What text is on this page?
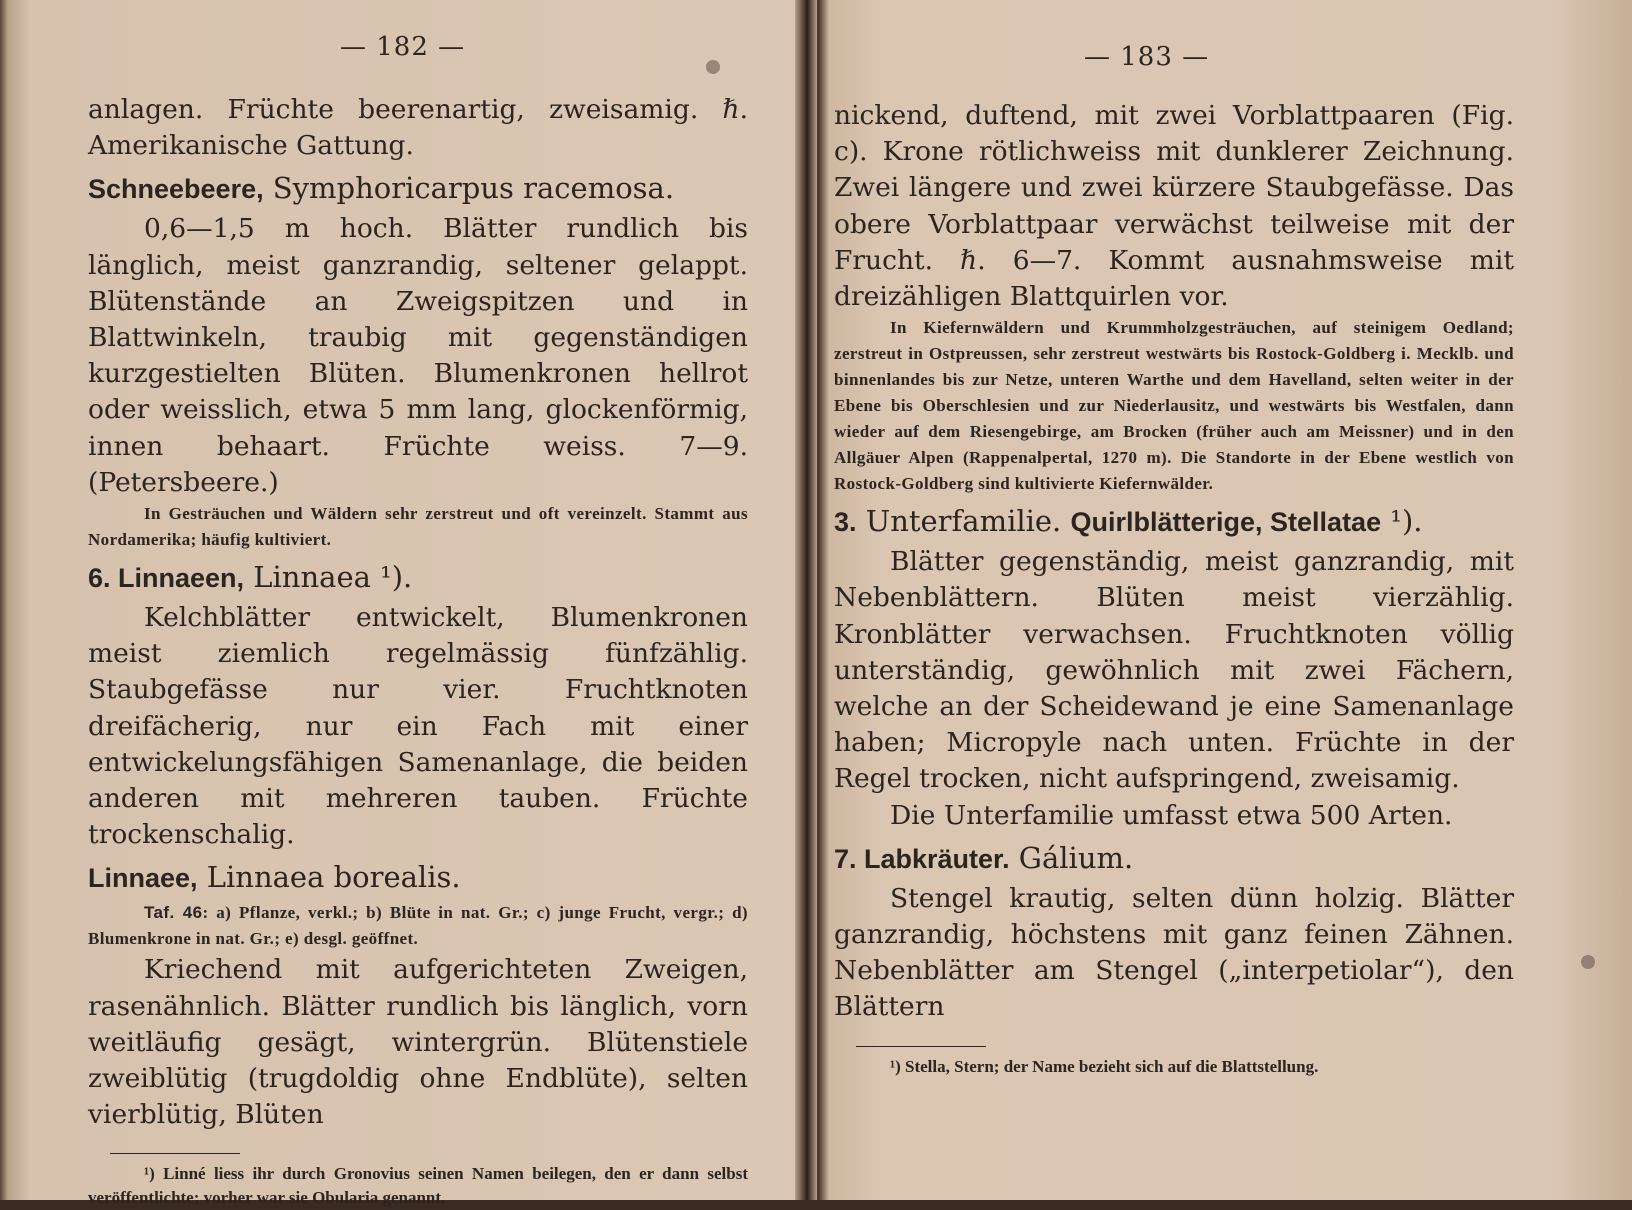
— 182 —

anlagen. Früchte beerenartig, zweisamig. ℏ. Amerikanische Gattung.

Schneebeere, Symphoricarpus racemosa.

0,6—1,5 m hoch. Blätter rundlich bis länglich, meist ganzrandig, seltener gelappt. Blütenstände an Zweigspitzen und in Blattwinkeln, traubig mit gegenständigen kurzgestielten Blüten. Blumenkronen hellrot oder weisslich, etwa 5 mm lang, glockenförmig, innen behaart. Früchte weiss. 7—9. (Petersbeere.)

In Gesträuchen und Wäldern sehr zerstreut und oft vereinzelt. Stammt aus Nordamerika; häufig kultiviert.

6. Linnaeen, Linnaea ¹).

Kelchblätter entwickelt, Blumenkronen meist ziemlich regelmässig fünfzählig. Staubgefässe nur vier. Fruchtknoten dreifächerig, nur ein Fach mit einer entwickelungsfähigen Samenanlage, die beiden anderen mit mehreren tauben. Früchte trockenschalig.

Linnaee, Linnaea borealis.

Taf. 46: a) Pflanze, verkl.; b) Blüte in nat. Gr.; c) junge Frucht, vergr.; d) Blumenkrone in nat. Gr.; e) desgl. geöffnet.

Kriechend mit aufgerichteten Zweigen, rasenähnlich. Blätter rundlich bis länglich, vorn weitläufig gesägt, wintergrün. Blütenstiele zweiblütig (trugdoldig ohne Endblüte), selten vierblütig, Blüten

¹) Linné liess ihr durch Gronovius seinen Namen beilegen, den er dann selbst veröffentlichte; vorher war sie Obularia genannt.

— 183 —

nickend, duftend, mit zwei Vorblattpaaren (Fig. c). Krone rötlichweiss mit dunklerer Zeichnung. Zwei längere und zwei kürzere Staubgefässe. Das obere Vorblattpaar verwächst teilweise mit der Frucht. ℏ. 6—7. Kommt ausnahmsweise mit dreizähligen Blattquirlen vor.

In Kiefernwäldern und Krummholzgesträuchen, auf steinigem Oedland; zerstreut in Ostpreussen, sehr zerstreut westwärts bis Rostock-Goldberg i. Mecklb. und binnenlandes bis zur Netze, unteren Warthe und dem Havelland, selten weiter in der Ebene bis Oberschlesien und zur Niederlausitz, und westwärts bis Westfalen, dann wieder auf dem Riesengebirge, am Brocken (früher auch am Meissner) und in den Allgäuer Alpen (Rappenalpertal, 1270 m). Die Standorte in der Ebene westlich von Rostock-Goldberg sind kultivierte Kiefernwälder.

3. Unterfamilie. Quirlblätterige, Stellatae ¹).

Blätter gegenständig, meist ganzrandig, mit Nebenblättern. Blüten meist vierzählig. Kronblätter verwachsen. Fruchtknoten völlig unterständig, gewöhnlich mit zwei Fächern, welche an der Scheidewand je eine Samenanlage haben; Micropyle nach unten. Früchte in der Regel trocken, nicht aufspringend, zweisamig.

Die Unterfamilie umfasst etwa 500 Arten.

7. Labkräuter. Gálium.

Stengel krautig, selten dünn holzig. Blätter ganzrandig, höchstens mit ganz feinen Zähnen. Nebenblätter am Stengel („interpetiolar“), den Blättern

¹) Stella, Stern; der Name bezieht sich auf die Blattstellung.
